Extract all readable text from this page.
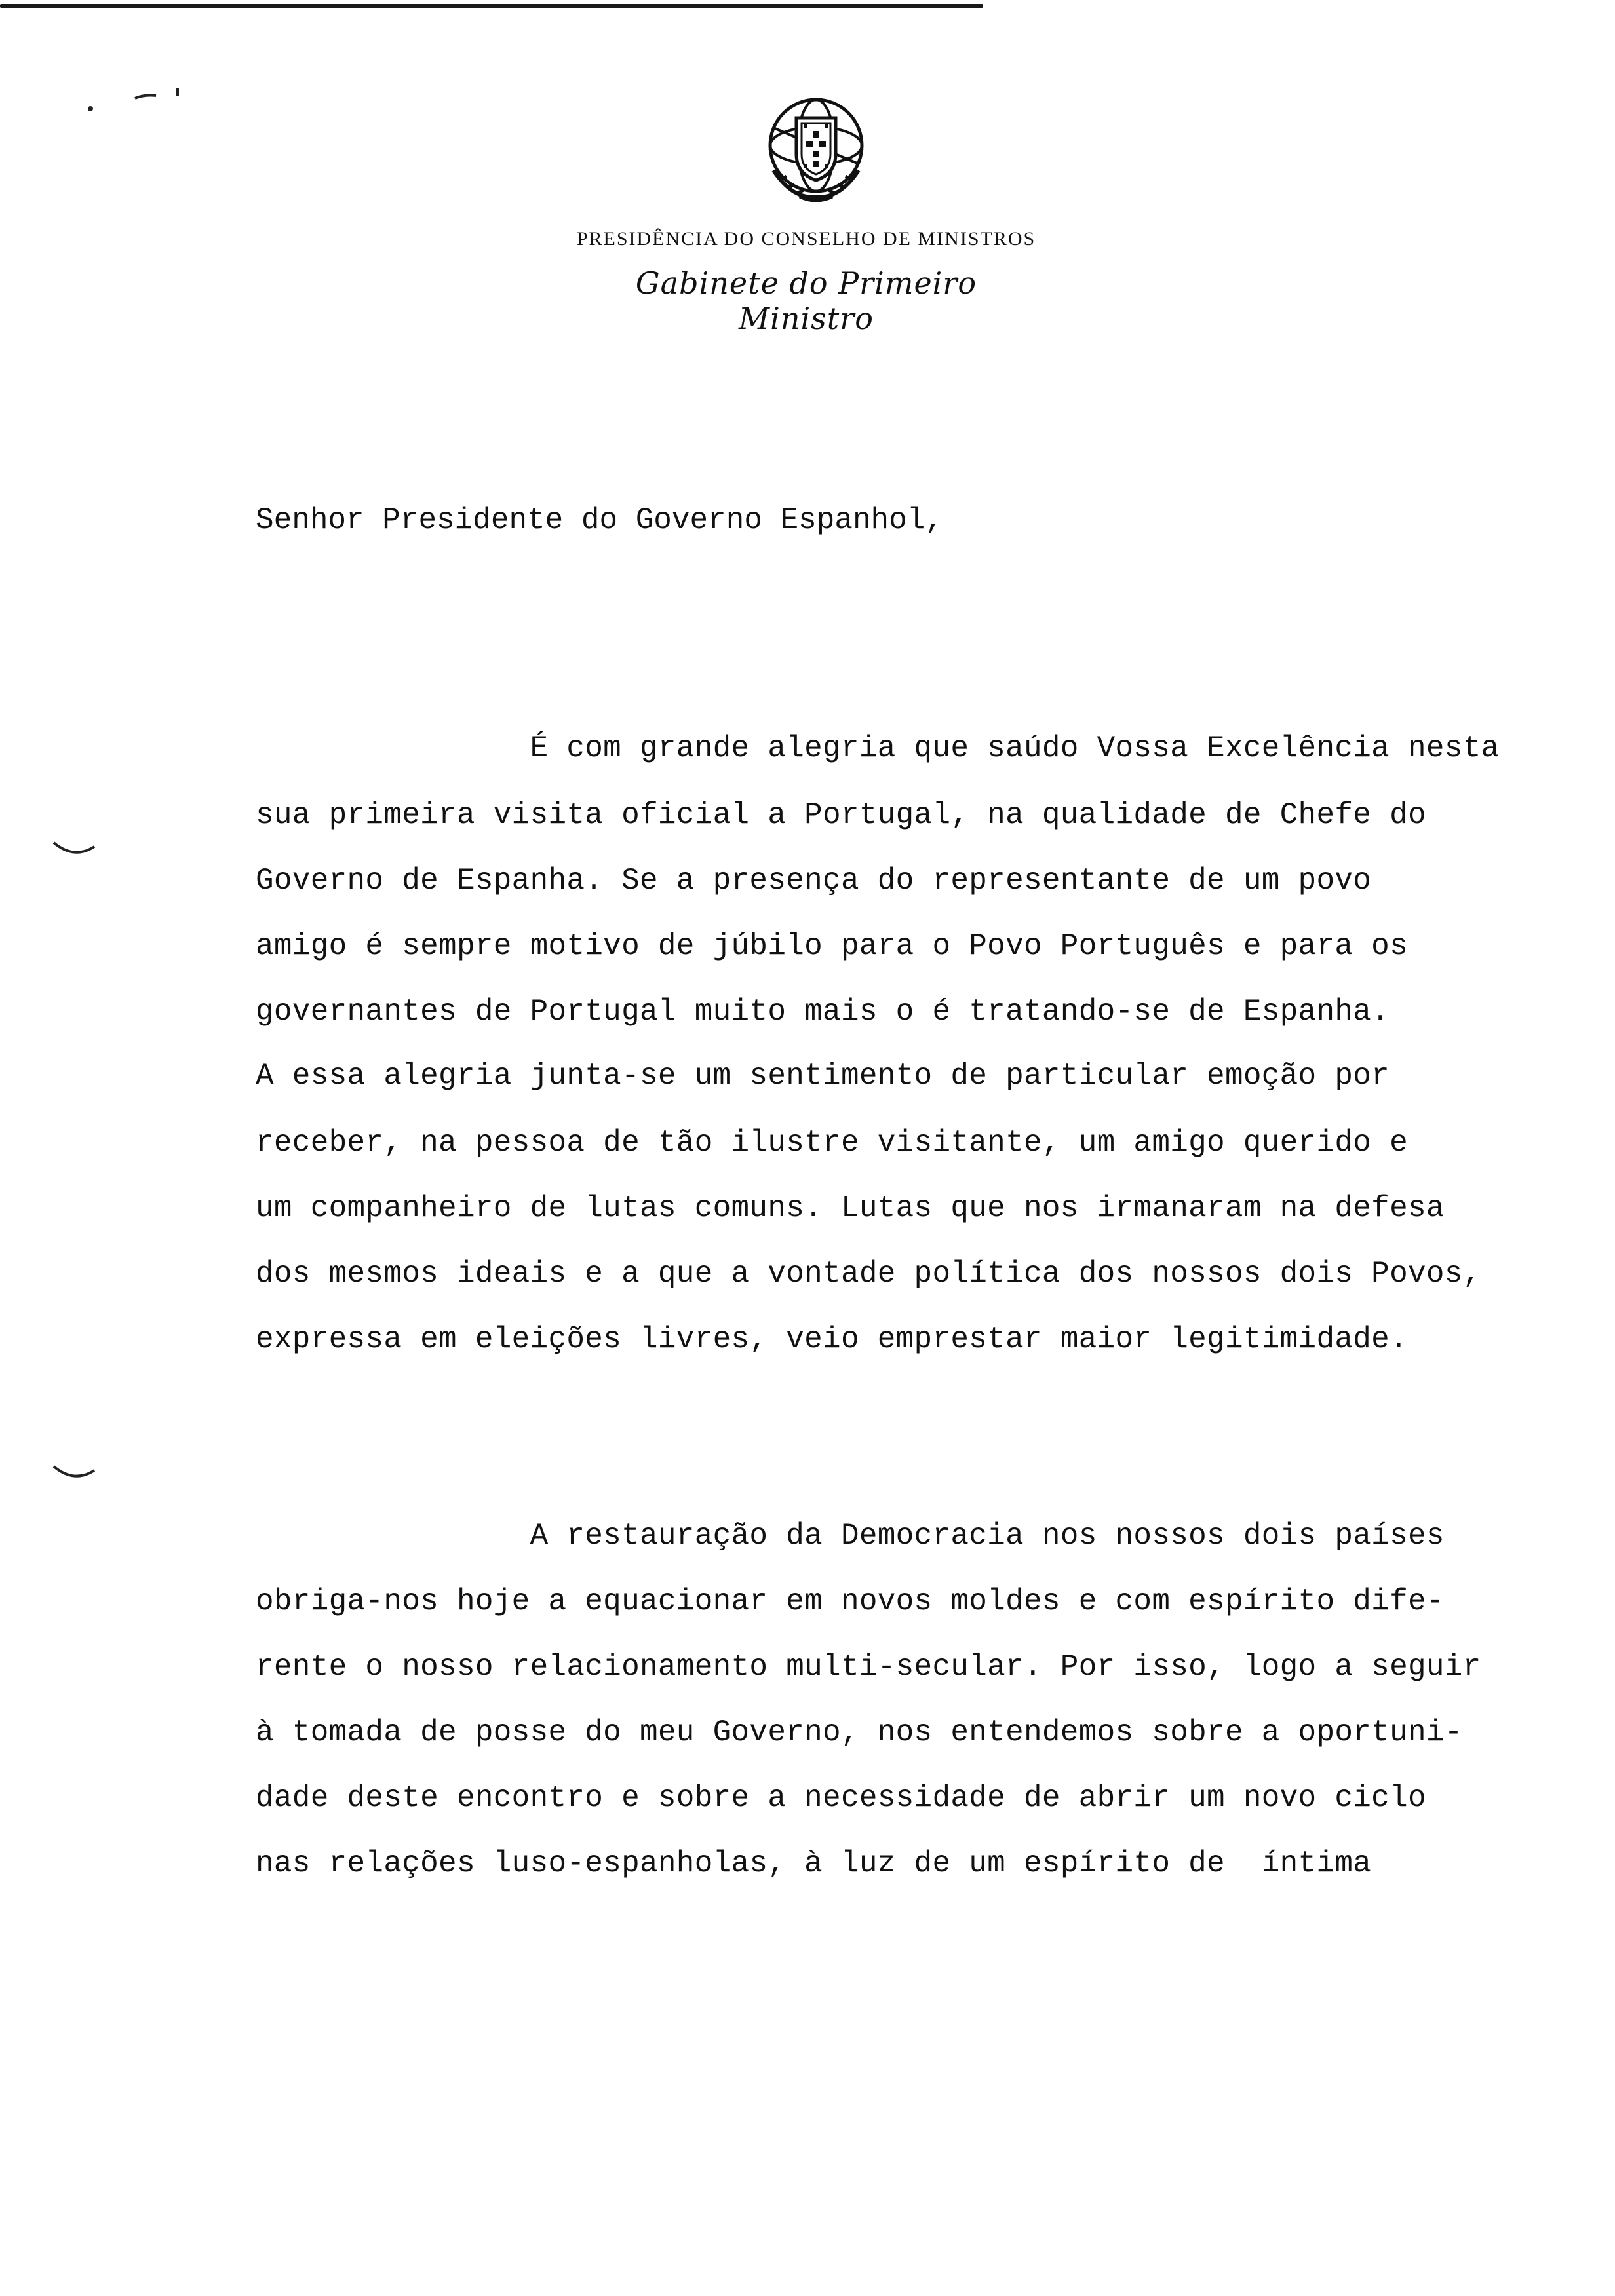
PRESIDÊNCIA DO CONSELHO DE MINISTROS
Gabinete do Primeiro Ministro
Senhor Presidente do Governo Espanhol,
É com grande alegria que saúdo Vossa Excelência nesta
sua primeira visita oficial a Portugal, na qualidade de Chefe do
Governo de Espanha. Se a presença do representante de um povo
amigo é sempre motivo de júbilo para o Povo Português e para os
governantes de Portugal muito mais o é tratando-se de Espanha.
A essa alegria junta-se um sentimento de particular emoção por
receber, na pessoa de tão ilustre visitante, um amigo querido e
um companheiro de lutas comuns. Lutas que nos irmanaram na defesa
dos mesmos ideais e a que a vontade política dos nossos dois Povos,
expressa em eleições livres, veio emprestar maior legitimidade.
A restauração da Democracia nos nossos dois países
obriga-nos hoje a equacionar em novos moldes e com espírito dife-
rente o nosso relacionamento multi-secular. Por isso, logo a seguir
à tomada de posse do meu Governo, nos entendemos sobre a oportuni-
dade deste encontro e sobre a necessidade de abrir um novo ciclo
nas relações luso-espanholas, à luz de um espírito de  íntima
